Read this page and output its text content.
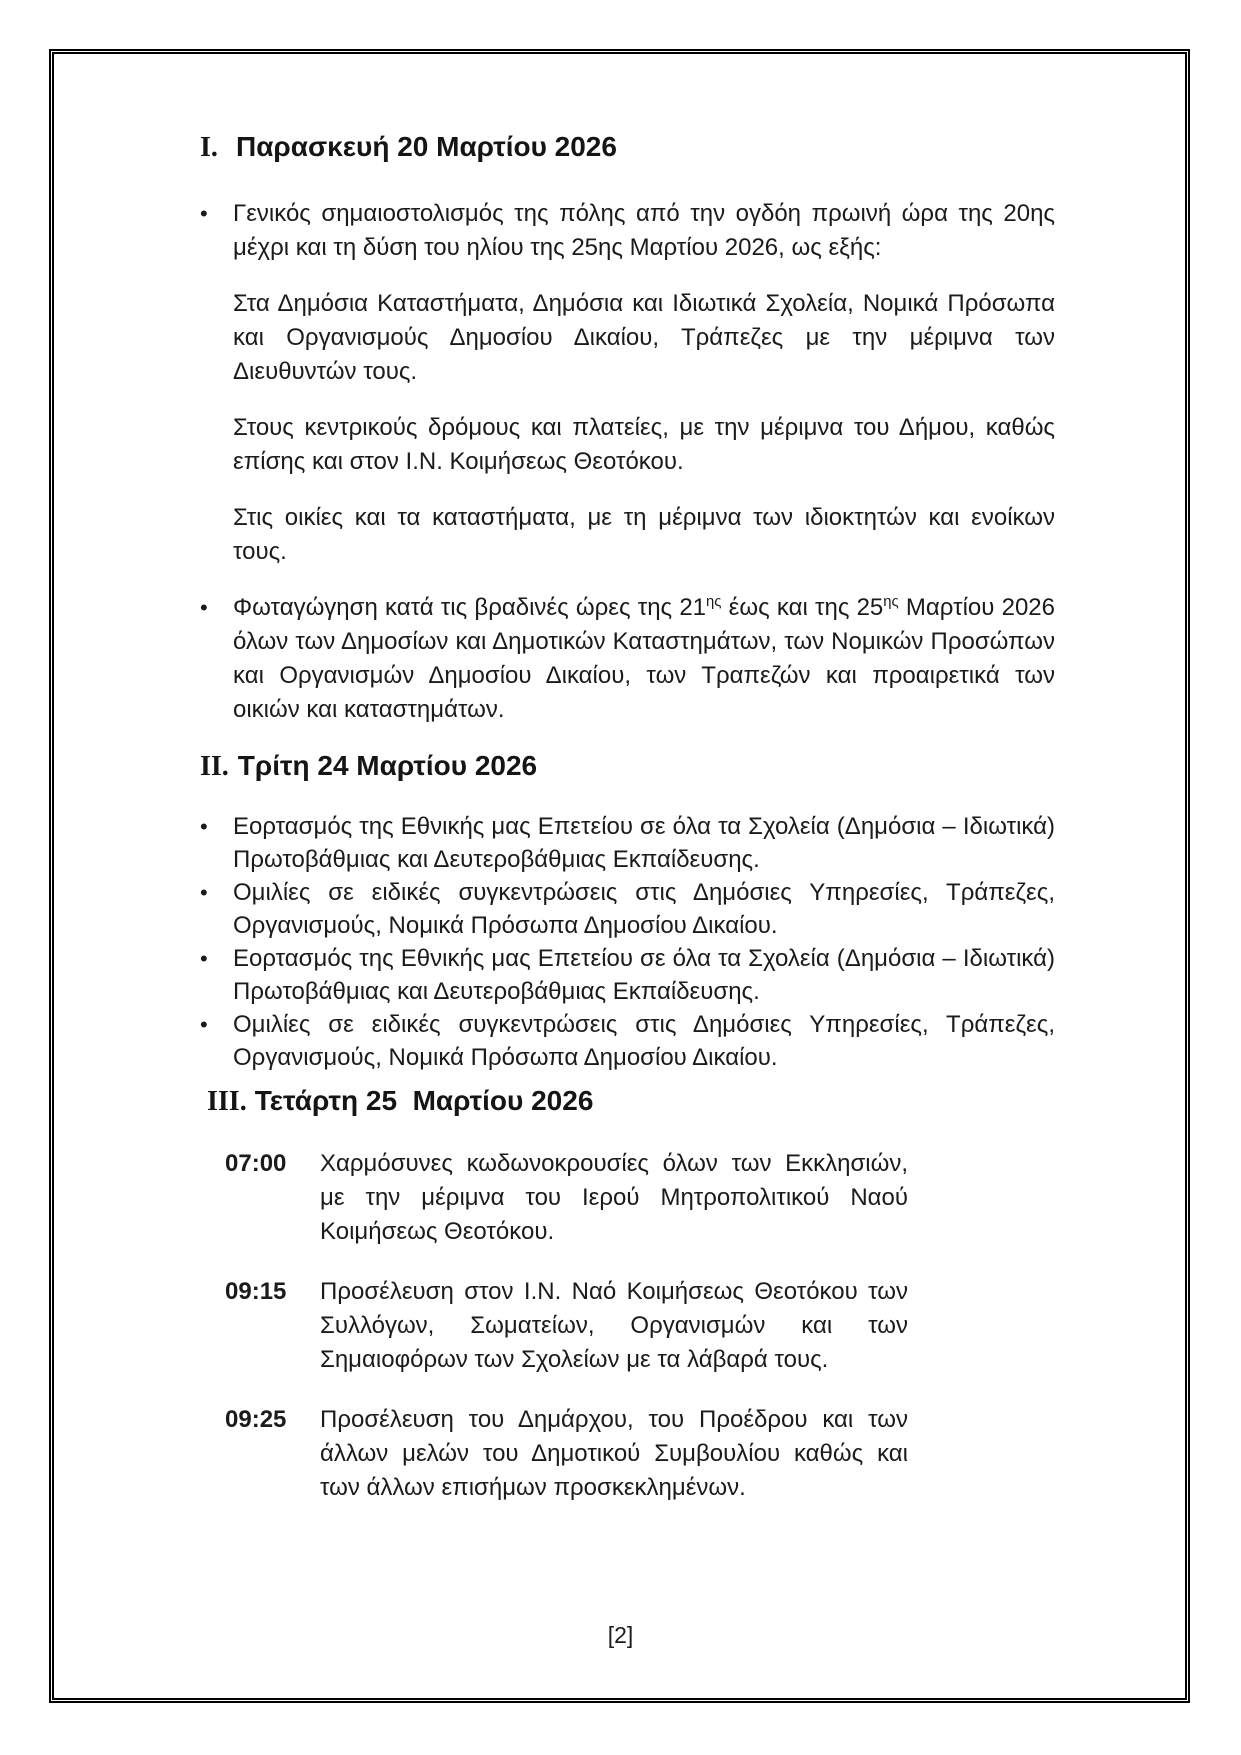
I. Παρασκευή 20 Μαρτίου 2026
•	Γενικός σημαιοστολισμός της πόλης από την ογδόη πρωινή ώρα της 20ης μέχρι και τη δύση του ηλίου της 25ης Μαρτίου 2026, ως εξής:
Στα Δημόσια Καταστήματα, Δημόσια και Ιδιωτικά Σχολεία, Νομικά Πρόσωπα και Οργανισμούς Δημοσίου Δικαίου, Τράπεζες με την μέριμνα των Διευθυντών τους.
Στους κεντρικούς δρόμους και πλατείες, με την μέριμνα του Δήμου, καθώς επίσης και στον Ι.Ν. Κοιμήσεως Θεοτόκου.
Στις οικίες και τα καταστήματα, με τη μέριμνα των ιδιοκτητών και ενοίκων τους.
•	Φωταγώγηση κατά τις βραδινές ώρες της $21^{\eta\varsigma}$ έως και της $25^{\eta\varsigma}$ Μαρτίου 2026 όλων των Δημοσίων και Δημοτικών Καταστημάτων, των Νομικών Προσώπων και Οργανισμών Δημοσίου Δικαίου, των Τραπεζών και προαιρετικά των οικιών και καταστημάτων.
II. Τρίτη 24 Μαρτίου 2026
•	Εορτασμός της Εθνικής μας Επετείου σε όλα τα Σχολεία (Δημόσια – Ιδιωτικά) Πρωτοβάθμιας και Δευτεροβάθμιας Εκπαίδευσης.
•	Ομιλίες σε ειδικές συγκεντρώσεις στις Δημόσιες Υπηρεσίες, Τράπεζες, Οργανισμούς, Νομικά Πρόσωπα Δημοσίου Δικαίου.
•	Εορτασμός της Εθνικής μας Επετείου σε όλα τα Σχολεία (Δημόσια – Ιδιωτικά) Πρωτοβάθμιας και Δευτεροβάθμιας Εκπαίδευσης.
•	Ομιλίες σε ειδικές συγκεντρώσεις στις Δημόσιες Υπηρεσίες, Τράπεζες, Οργανισμούς, Νομικά Πρόσωπα Δημοσίου Δικαίου.
III. Τετάρτη 25  Μαρτίου 2026
07:00	Χαρμόσυνες κωδωνοκρουσίες όλων των Εκκλησιών, με την μέριμνα του Ιερού Μητροπολιτικού Ναού Κοιμήσεως Θεοτόκου.
09:15	Προσέλευση στον Ι.Ν. Ναό Κοιμήσεως Θεοτόκου των Συλλόγων, Σωματείων, Οργανισμών και των Σημαιοφόρων των Σχολείων με τα λάβαρά τους.
09:25	Προσέλευση του Δημάρχου, του Προέδρου και των άλλων μελών του Δημοτικού Συμβουλίου καθώς και των άλλων επισήμων προσκεκλημένων.
[2]
